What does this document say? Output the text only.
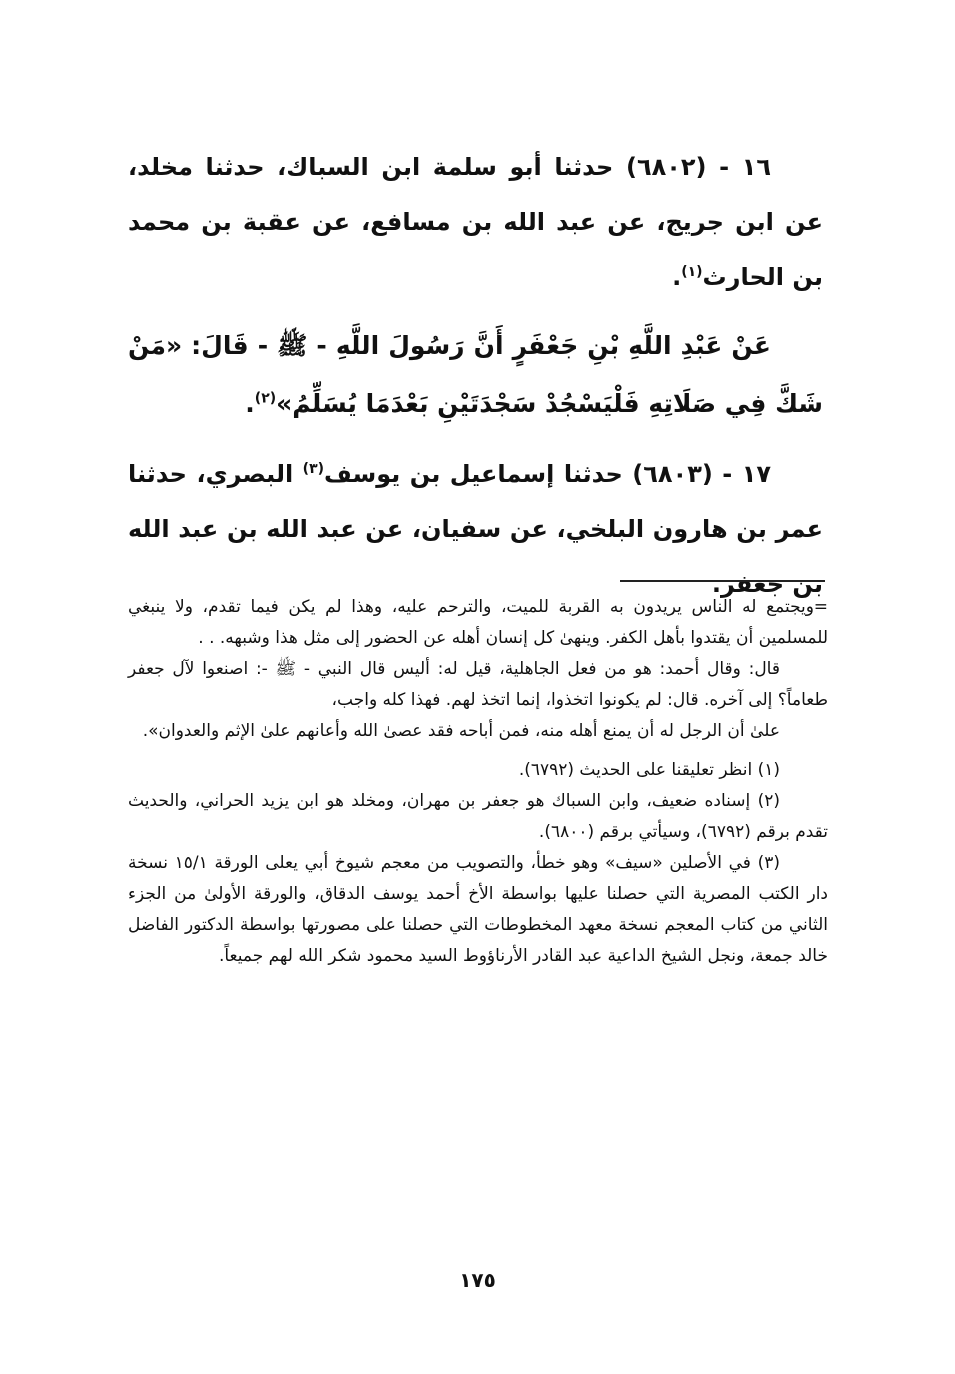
١٦ - (٦٨٠٢) حدثنا أبو سلمة ابن السباك، حدثنا مخلد، عن ابن جريج، عن عبد الله بن مسافع، عن عقبة بن محمد بن الحارث$^{(١)}$.

عَنْ عَبْدِ اللَّهِ بْنِ جَعْفَرٍ أَنَّ رَسُولَ اللَّهِ - ﷺ - قَالَ: «مَنْ شَكَّ فِي صَلَاتِهِ فَلْيَسْجُدْ سَجْدَتَيْنِ بَعْدَمَا يُسَلِّمُ»$^{(٢)}$.

١٧ - (٦٨٠٣) حدثنا إسماعيل بن يوسف$^{(٣)}$ البصري، حدثنا عمر بن هارون البلخي، عن سفيان، عن عبد الله بن عبد الله بن جعفر.

=ويجتمع له الناس يريدون به القربة للميت، والترحم عليه، وهذا لم يكن فيما تقدم، ولا ينبغي للمسلمين أن يقتدوا بأهل الكفر. وينهىٰ كل إنسان أهله عن الحضور إلى مثل هذا وشبهه. . .

قال: وقال أحمد: هو من فعل الجاهلية، قيل له: أليس قال النبي - ﷺ -: اصنعوا لآل جعفر طعاماً؟ إلى آخره. قال: لم يكونوا اتخذوا، إنما اتخذ لهم. فهذا كله واجب،

علىٰ أن الرجل له أن يمنع أهله منه، فمن أباحه فقد عصىٰ الله وأعانهم علىٰ الإثم والعدوان».

(١) انظر تعليقنا على الحديث (٦٧٩٢).

(٢) إسناده ضعيف، وابن السباك هو جعفر بن مهران، ومخلد هو ابن يزيد الحراني، والحديث تقدم برقم (٦٧٩٢)، وسيأتي برقم (٦٨٠٠).

(٣) في الأصلين «سيف» وهو خطأ، والتصويب من معجم شيوخ أبي يعلى الورقة ١٥/١ نسخة دار الكتب المصرية التي حصلنا عليها بواسطة الأخ أحمد يوسف الدقاق، والورقة الأولىٰ من الجزء الثاني من كتاب المعجم نسخة معهد المخطوطات التي حصلنا على مصورتها بواسطة الدكتور الفاضل خالد جمعة، ونجل الشيخ الداعية عبد القادر الأرناؤوط السيد محمود شكر الله لهم جميعاً.

١٧٥
